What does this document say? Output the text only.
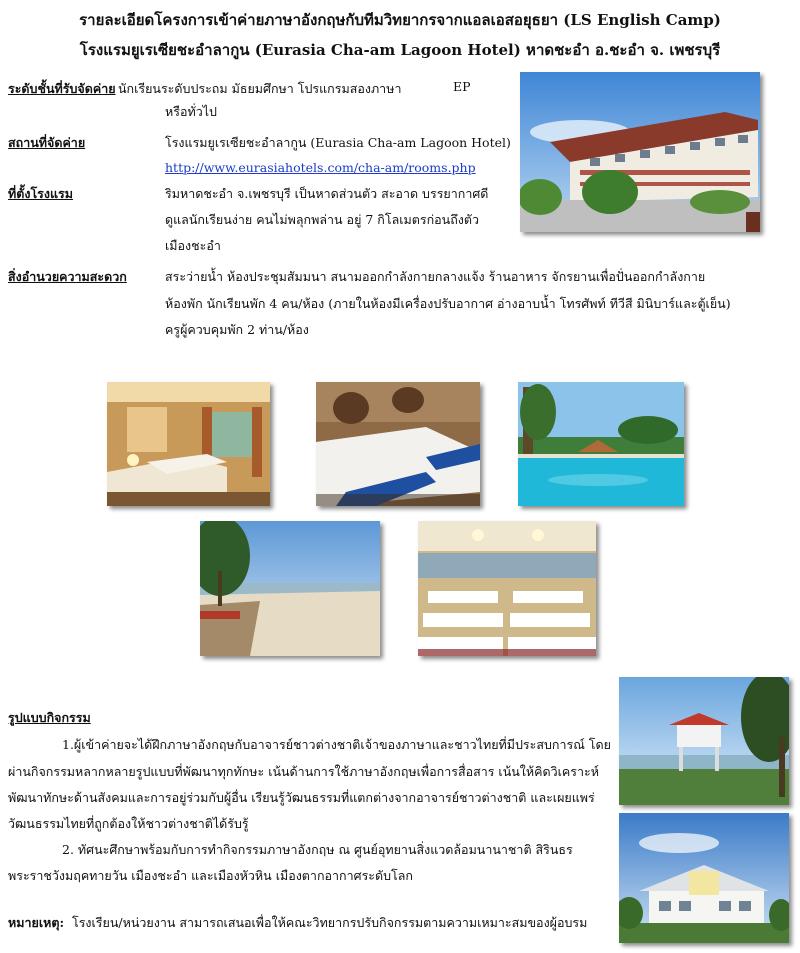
รายละเอียดโครงการเข้าค่ายภาษาอังกฤษกับทีมวิทยากรจากแอลเอสอยุธยา (LS English Camp)
โรงแรมยูเรเซียชะอำลากูน (Eurasia Cha-am Lagoon Hotel) หาดชะอำ อ.ชะอำ จ. เพชรบุรี
ระดับชั้นที่รับจัดค่าย นักเรียนระดับประถม มัธยมศึกษา โปรแกรมสองภาษา	EP
หรือทั่วไป
สถานที่จัดค่าย	โรงแรมยูเรเซียชะอำลากูน (Eurasia Cha-am Lagoon Hotel)
http://www.eurasiahotels.com/cha-am/rooms.php
ที่ตั้งโรงแรม	ริมหาดชะอำ จ.เพชรบุรี เป็นหาดส่วนตัว สะอาด บรรยากาศดี
ดูแลนักเรียนง่าย คนไม่พลุกพล่าน อยู่ 7 กิโลเมตรก่อนถึงตัว
เมืองชะอำ
สิ่งอำนวยความสะดวก	สระว่ายน้ำ ห้องประชุมสัมมนา สนามออกกำลังกายกลางแจ้ง ร้านอาหาร จักรยานเพื่อปั่นออกกำลังกาย
ห้องพัก นักเรียนพัก 4 คน/ห้อง (ภายในห้องมีเครื่องปรับอากาศ อ่างอาบน้ำ โทรศัพท์ ทีวีสี มินิบาร์และตู้เย็น)
ครูผู้ควบคุมพัก 2 ท่าน/ห้อง
รูปแบบกิจกรรม
1.ผู้เข้าค่ายจะได้ฝึกภาษาอังกฤษกับอาจารย์ชาวต่างชาติเจ้าของภาษาและชาวไทยที่มีประสบการณ์ โดย
ผ่านกิจกรรมหลากหลายรูปแบบที่พัฒนาทุกทักษะ เน้นด้านการใช้ภาษาอังกฤษเพื่อการสื่อสาร เน้นให้คิดวิเคราะห์
พัฒนาทักษะด้านสังคมและการอยู่ร่วมกับผู้อื่น เรียนรู้วัฒนธรรมที่แตกต่างจากอาจารย์ชาวต่างชาติ และเผยแพร่
วัฒนธรรมไทยที่ถูกต้องให้ชาวต่างชาติได้รับรู้
2. ทัศนะศึกษาพร้อมกับการทำกิจกรรมภาษาอังกฤษ ณ ศูนย์อุทยานสิ่งแวดล้อมนานาชาติ สิรินธร
พระราชวังมฤคทายวัน เมืองชะอำ และเมืองหัวหิน เมืองตากอากาศระดับโลก
หมายเหตุ: โรงเรียน/หน่วยงาน สามารถเสนอเพื่อให้คณะวิทยากรปรับกิจกรรมตามความเหมาะสมของผู้อบรม
